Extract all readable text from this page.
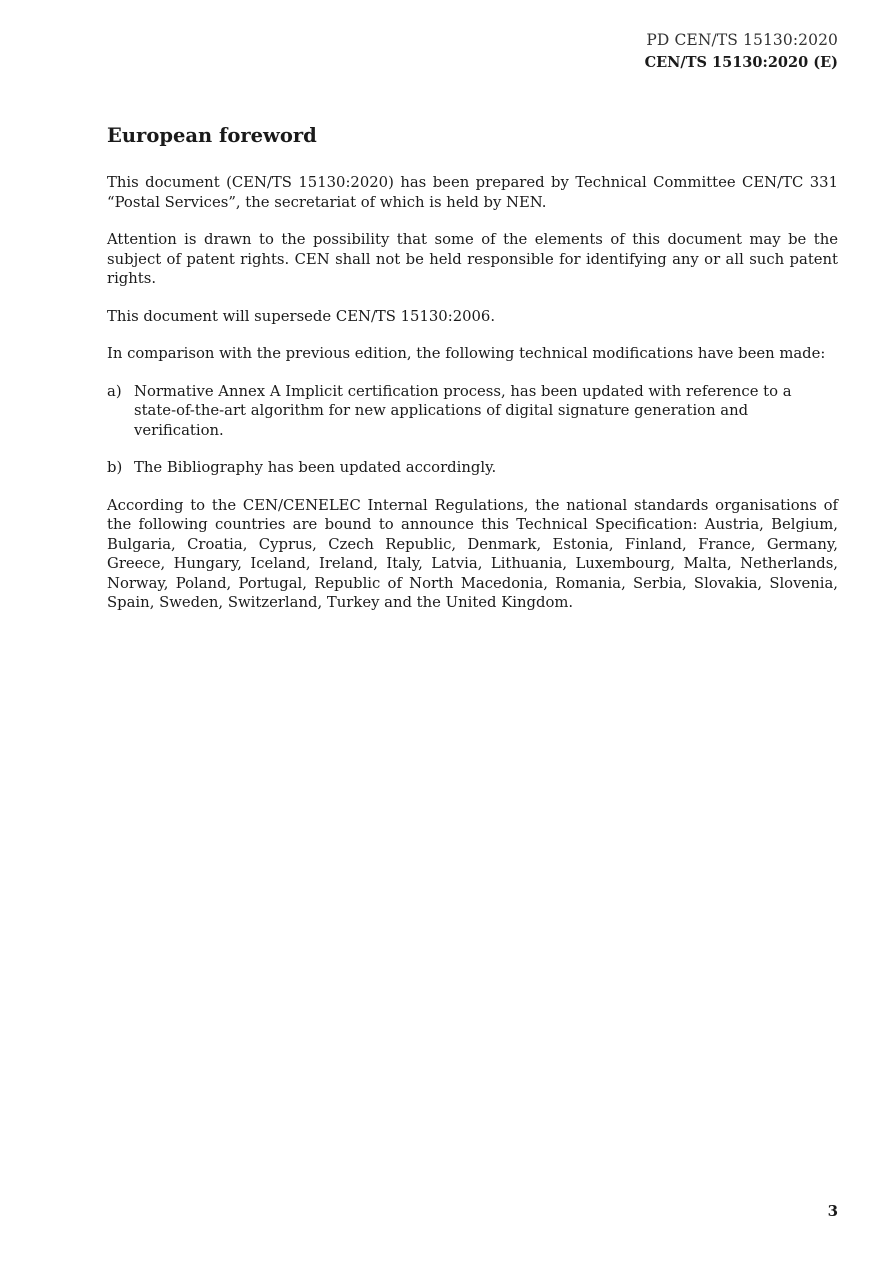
PD CEN/TS 15130:2020
CEN/TS 15130:2020 (E)
European foreword

This document (CEN/TS 15130:2020) has been prepared by Technical Committee CEN/TC 331 “Postal Services”, the secretariat of which is held by NEN.

Attention is drawn to the possibility that some of the elements of this document may be the subject of patent rights. CEN shall not be held responsible for identifying any or all such patent rights.

This document will supersede CEN/TS 15130:2006.

In comparison with the previous edition, the following technical modifications have been made:

a) Normative Annex A Implicit certification process, has been updated with reference to a state-of-the-art algorithm for new applications of digital signature generation and verification.
b) The Bibliography has been updated accordingly.

According to the CEN/CENELEC Internal Regulations, the national standards organisations of the following countries are bound to announce this Technical Specification: Austria, Belgium, Bulgaria, Croatia, Cyprus, Czech Republic, Denmark, Estonia, Finland, France, Germany, Greece, Hungary, Iceland, Ireland, Italy, Latvia, Lithuania, Luxembourg, Malta, Netherlands, Norway, Poland, Portugal, Republic of North Macedonia, Romania, Serbia, Slovakia, Slovenia, Spain, Sweden, Switzerland, Turkey and the United Kingdom.

3
